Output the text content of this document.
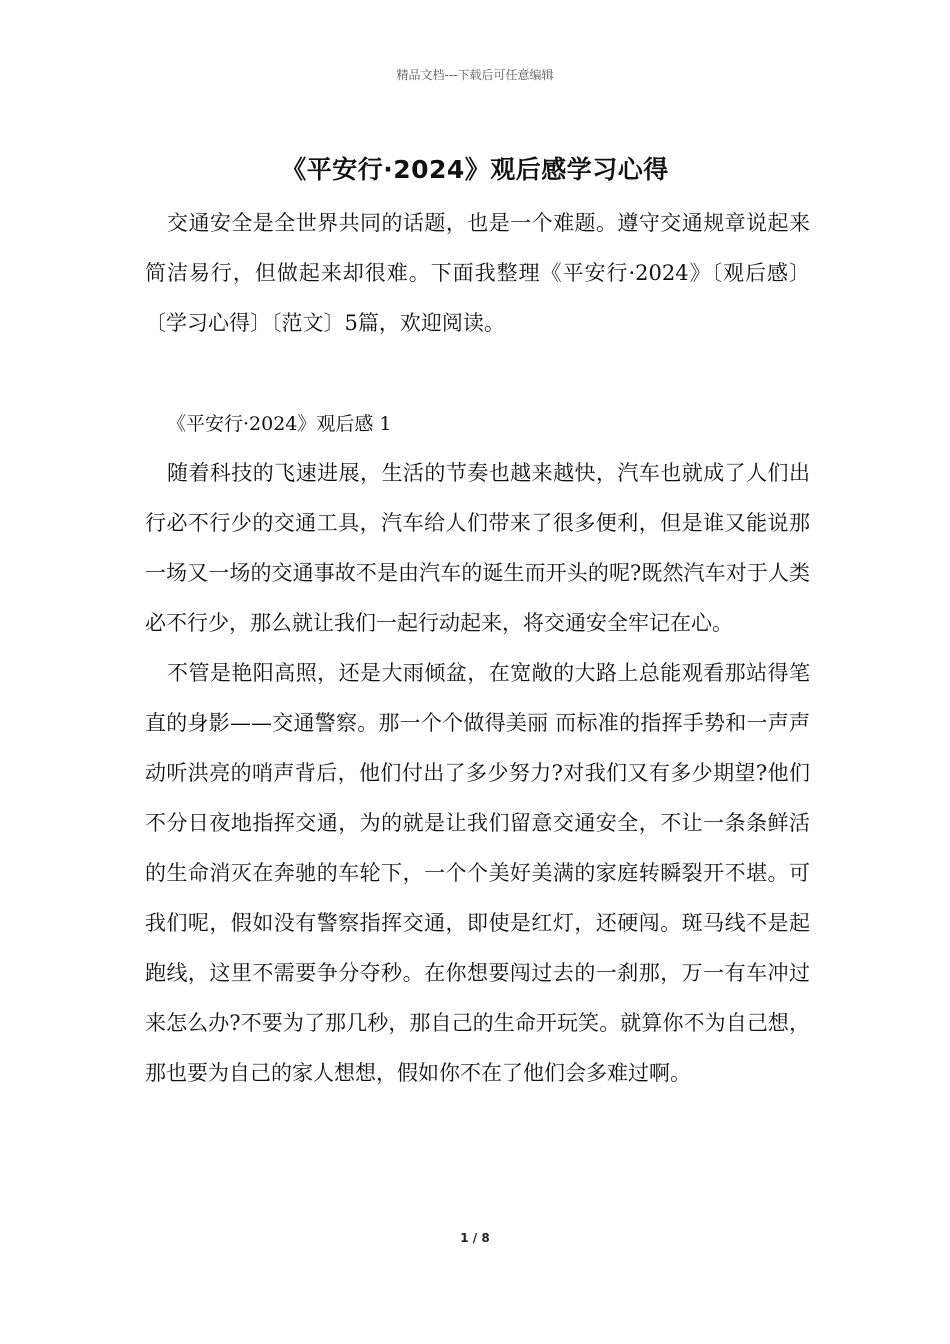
精品文档---下载后可任意编辑
《平安行·2024》观后感学习心得

交通安全是全世界共同的话题，也是一个难题。遵守交通规章说起来简洁易行，但做起来却很难。下面我整理《平安行·2024》〔观后感〕〔学习心得〕〔范文〕5篇，欢迎阅读。

《平安行·2024》观后感 1

随着科技的飞速进展，生活的节奏也越来越快，汽车也就成了人们出行必不行少的交通工具，汽车给人们带来了很多便利，但是谁又能说那一场又一场的交通事故不是由汽车的诞生而开头的呢?既然汽车对于人类必不行少，那么就让我们一起行动起来，将交通安全牢记在心。

不管是艳阳高照，还是大雨倾盆，在宽敞的大路上总能观看那站得笔直的身影——交通警察。那一个个做得美丽 而标准的指挥手势和一声声动听洪亮的哨声背后，他们付出了多少努力?对我们又有多少期望?他们不分日夜地指挥交通，为的就是让我们留意交通安全，不让一条条鲜活的生命消灭在奔驰的车轮下，一个个美好美满的家庭转瞬裂开不堪。可我们呢，假如没有警察指挥交通，即使是红灯，还硬闯。斑马线不是起跑线，这里不需要争分夺秒。在你想要闯过去的一刹那，万一有车冲过来怎么办?不要为了那几秒，那自己的生命开玩笑。就算你不为自己想，那也要为自己的家人想想，假如你不在了他们会多难过啊。

1 / 8
